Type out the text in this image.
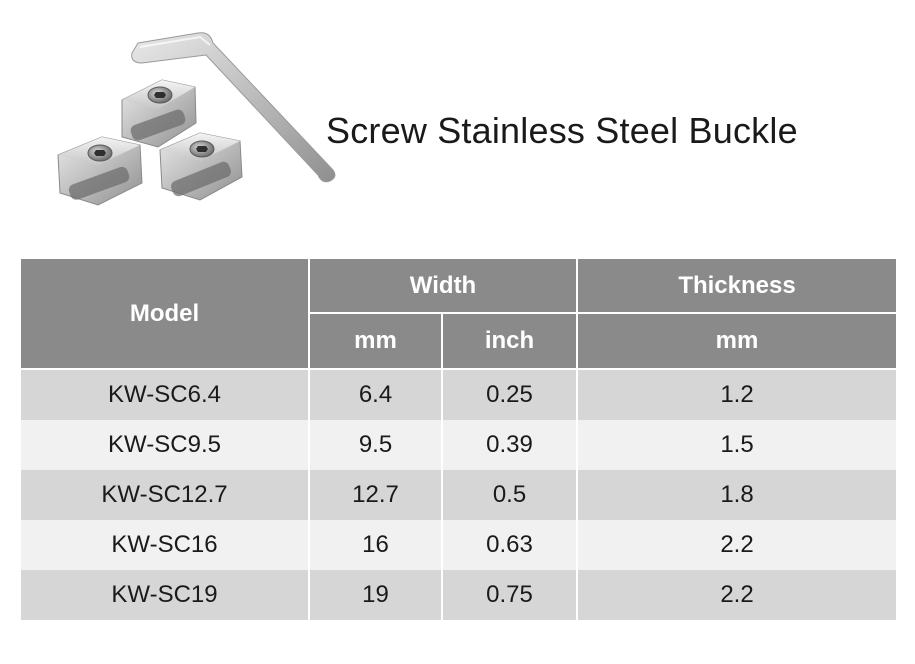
Screw Stainless Steel Buckle
Model	Width		Thickness
	mm	inch	mm
KW-SC6.4	6.4	0.25	1.2
KW-SC9.5	9.5	0.39	1.5
KW-SC12.7	12.7	0.5	1.8
KW-SC16	16	0.63	2.2
KW-SC19	19	0.75	2.2
